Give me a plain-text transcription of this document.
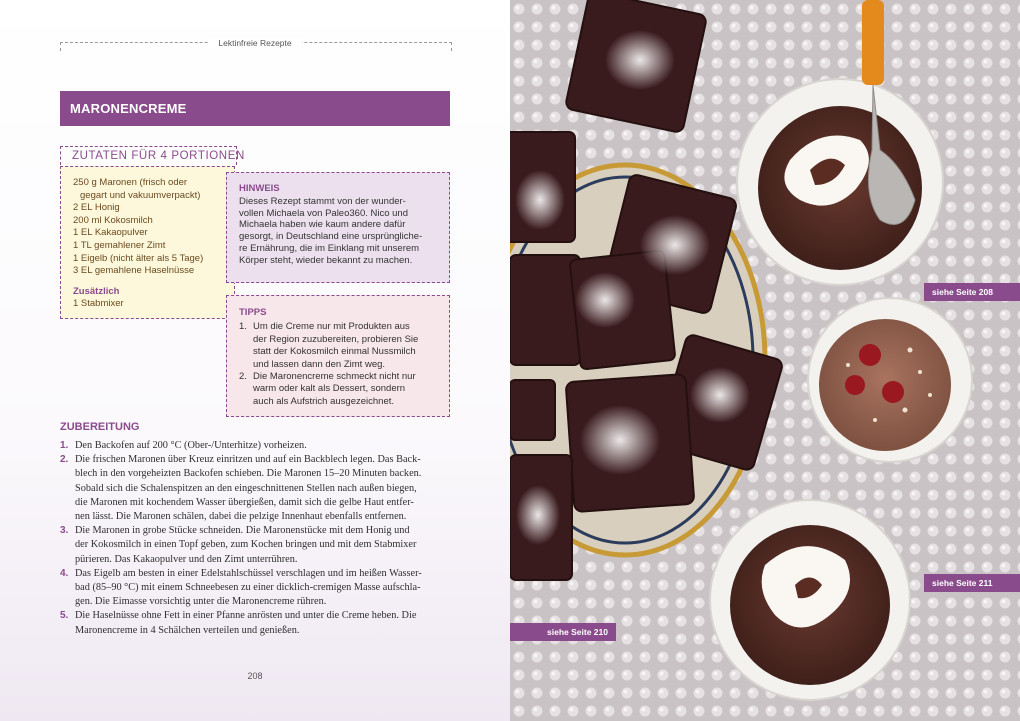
Lektinfreie Rezepte
MARONENCREME
ZUTATEN FÜR 4 PORTIONEN
250 g Maronen (frisch oder
gegart und vakuumverpackt)
2 EL Honig
200 ml Kokosmilch
1 EL Kakaopulver
1 TL gemahlener Zimt
1 Eigelb (nicht älter als 5 Tage)
3 EL gemahlene Haselnüsse
Zusätzlich
1 Stabmixer
HINWEIS
Dieses Rezept stammt von der wunder-
vollen Michaela von Paleo360. Nico und
Michaela haben wie kaum andere dafür
gesorgt, in Deutschland eine ursprüngliche-
re Ernährung, die im Einklang mit unserem
Körper steht, wieder bekannt zu machen.
TIPPS
1. Um die Creme nur mit Produkten aus
der Region zuzubereiten, probieren Sie
statt der Kokosmilch einmal Nussmilch
und lassen dann den Zimt weg.
2. Die Maronencreme schmeckt nicht nur
warm oder kalt als Dessert, sondern
auch als Aufstrich ausgezeichnet.
ZUBEREITUNG
1. Den Backofen auf 200 °C (Ober-/Unterhitze) vorheizen.
2. Die frischen Maronen über Kreuz einritzen und auf ein Backblech legen. Das Back-
blech in den vorgeheizten Backofen schieben. Die Maronen 15–20 Minuten backen.
Sobald sich die Schalenspitzen an den eingeschnittenen Stellen nach außen biegen,
die Maronen mit kochendem Wasser übergießen, damit sich die gelbe Haut entfer-
nen lässt. Die Maronen schälen, dabei die pelzige Innenhaut ebenfalls entfernen.
3. Die Maronen in grobe Stücke schneiden. Die Maronenstücke mit dem Honig und
der Kokosmilch in einen Topf geben, zum Kochen bringen und mit dem Stabmixer
pürieren. Das Kakaopulver und den Zimt unterrühren.
4. Das Eigelb am besten in einer Edelstahlschüssel verschlagen und im heißen Wasser-
bad (85–90 °C) mit einem Schneebesen zu einer dicklich-cremigen Masse aufschla-
gen. Die Eimasse vorsichtig unter die Maronencreme rühren.
5. Die Haselnüsse ohne Fett in einer Pfanne anrösten und unter die Creme heben. Die
Maronencreme in 4 Schälchen verteilen und genießen.
208
siehe Seite 208
siehe Seite 211
siehe Seite 210
